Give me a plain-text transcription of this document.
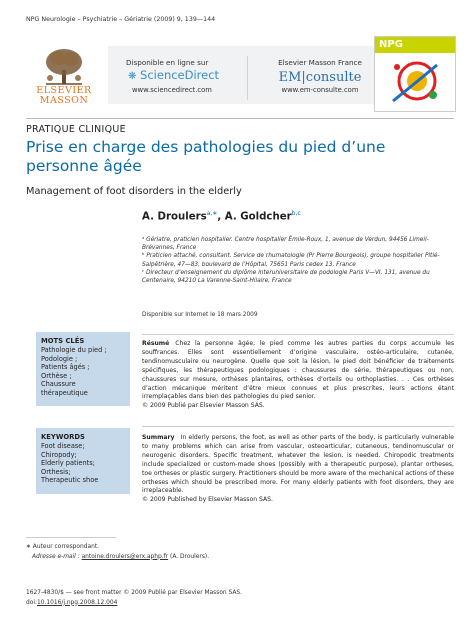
NPG Neurologie – Psychiatrie – Gériatrie (2009) 9, 139—144
ELSEVIER
MASSON
Disponible en ligne sur
❋ ScienceDirect
www.sciencedirect.com
Elsevier Masson France
EM|consulte
www.em-consulte.com
NPG
PRATIQUE CLINIQUE
Prise en charge des pathologies du pied d’une personne âgée
Management of foot disorders in the elderly
A. Droulers$^{a,∗}$, A. Goldcher$^{b,c}$

ᵃ Gériatre, praticien hospitalier. Centre hospitalier Émile-Roux, 1, avenue de Verdun, 94456 Limeil-Brévannes, France

ᵇ Praticien attaché, consultant. Service de rhumatologie (Pr Pierre Bourgeois), groupe hospitalier Pitié-Salpêtrière, 47—83, boulevard de l’Hôpital, 75651 Paris cedex 13, France

ᶜ Directeur d’enseignement du diplôme interuniversitaire de podologie Paris V—VI. 131, avenue du Centenaire, 94210 La Varenne-Saint-Hilaire, France

Disponible sur Internet le 18 mars 2009
MOTS CLÉS
Pathologie du pied ;
Podologie ;
Patients âgés ;
Orthèse ;
Chaussure
thérapeutique
Résumé Chez la personne âgée, le pied comme les autres parties du corps accumule les souffrances. Elles sont essentiellement d’origine vasculaire, ostéo-articulaire, cutanée, tendinomusculaire ou neurogène. Quelle que soit la lésion, le pied doit bénéficier de traitements spécifiques, les thérapeutiques podologiques : chaussures de série, thérapeutiques ou non, chaussures sur mesure, orthèses plantaires, orthèses d’orteils ou orthoplasties. . . Ces orthèses d’action mécanique méritent d’être mieux connues et plus prescrites, leurs actions étant irremplaçables dans bien des pathologies du pied senior.
© 2009 Publié par Elsevier Masson SAS.
KEYWORDS
Foot disease;
Chiropody;
Elderly patients;
Orthesis;
Therapeutic shoe
Summary In elderly persons, the foot, as well as other parts of the body, is particularly vulnerable to many problems which can arise from vascular, osteoarticular, cutaneous, tendinomuscular or neurogenic disorders. Specific treatment, whatever the lesion, is needed. Chiropodic treatments include specialized or custom-made shoes (possibly with a therapeutic purpose), plantar ortheses, toe ortheses or plastic surgery. Practitioners should be more aware of the mechanical actions of these ortheses which should be prescribed more. For many elderly patients with foot disorders, they are irreplaceable.
© 2009 Published by Elsevier Masson SAS.
∗ Auteur correspondant.
Adresse e-mail : antoine.droulers@erx.aphp.fr (A. Droulers).
1627-4830/$ — see front matter © 2009 Publié par Elsevier Masson SAS.
doi:10.1016/j.npg.2008.12.004
